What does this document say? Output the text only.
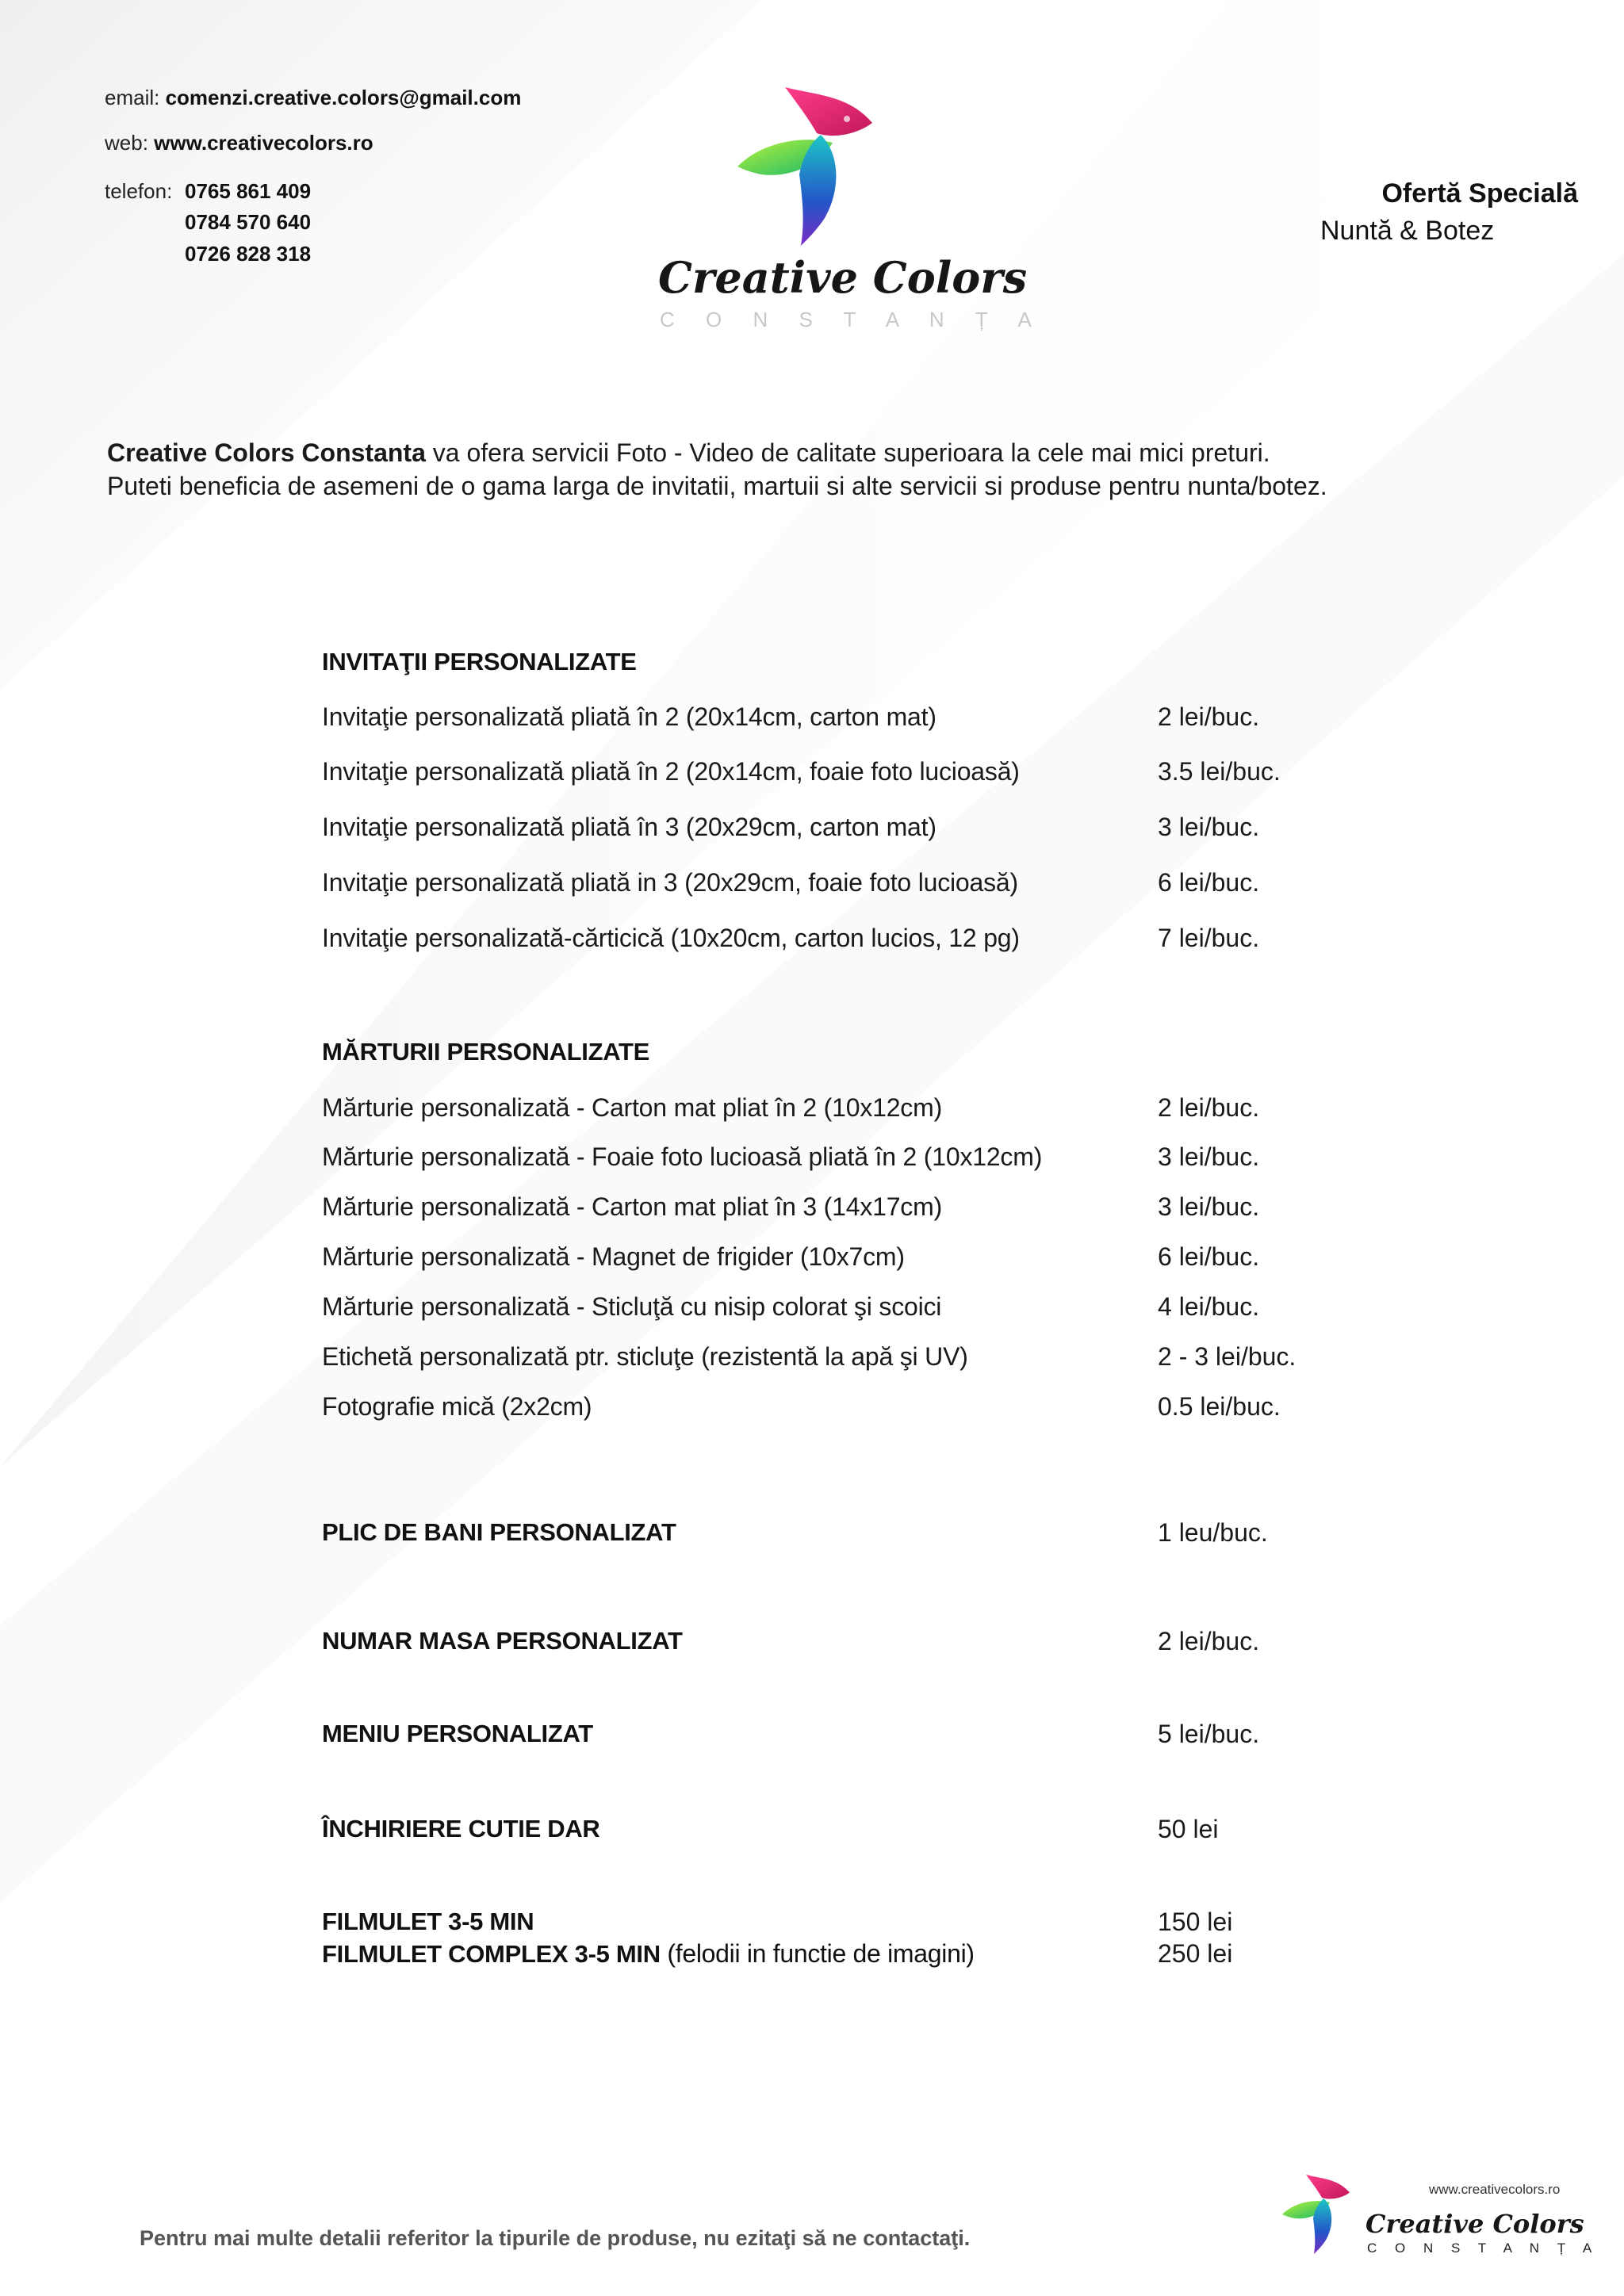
email: comenzi.creative.colors@gmail.com
web: www.creativecolors.ro
telefon: 0765 861 409
0784 570 640
0726 828 318	Creative Colors
C O N S T A N Ț A
Ofertă Specială
Nuntă & Botez
Creative Colors Constanta va ofera servicii Foto - Video de calitate superioara la cele mai mici preturi.
Puteti beneficia de asemeni de o gama larga de invitatii, martuii si alte servicii si produse pentru nunta/botez.
INVITAŢII PERSONALIZATE
Invitaţie personalizată pliată în 2 (20x14cm, carton mat)	2 lei/buc.
Invitaţie personalizată pliată în 2 (20x14cm, foaie foto lucioasă)	3.5 lei/buc.
Invitaţie personalizată pliată în 3 (20x29cm, carton mat)	3 lei/buc.
Invitaţie personalizată pliată in 3 (20x29cm, foaie foto lucioasă)	6 lei/buc.
Invitaţie personalizată-cărticică (10x20cm, carton lucios, 12 pg)	7 lei/buc.
MĂRTURII PERSONALIZATE
Mărturie personalizată - Carton mat pliat în 2 (10x12cm)	2 lei/buc.
Mărturie personalizată - Foaie foto lucioasă pliată în 2 (10x12cm)	3 lei/buc.
Mărturie personalizată - Carton mat pliat în 3 (14x17cm)	3 lei/buc.
Mărturie personalizată - Magnet de frigider (10x7cm)	6 lei/buc.
Mărturie personalizată - Sticluţă cu nisip colorat şi scoici	4 lei/buc.
Etichetă personalizată ptr. sticluţe (rezistentă la apă şi UV)	2 - 3 lei/buc.
Fotografie mică (2x2cm)	0.5 lei/buc.
PLIC DE BANI PERSONALIZAT	1 leu/buc.
NUMAR MASA PERSONALIZAT	2 lei/buc.
MENIU PERSONALIZAT	5 lei/buc.
ÎNCHIRIERE CUTIE DAR	50 lei
FILMULET 3-5 MIN	150 lei
FILMULET COMPLEX 3-5 MIN (felodii in functie de imagini)	250 lei
Pentru mai multe detalii referitor la tipurile de produse, nu ezitaţi să ne contactaţi.
www.creativecolors.ro
Creative Colors
C O N S T A N Ț A
